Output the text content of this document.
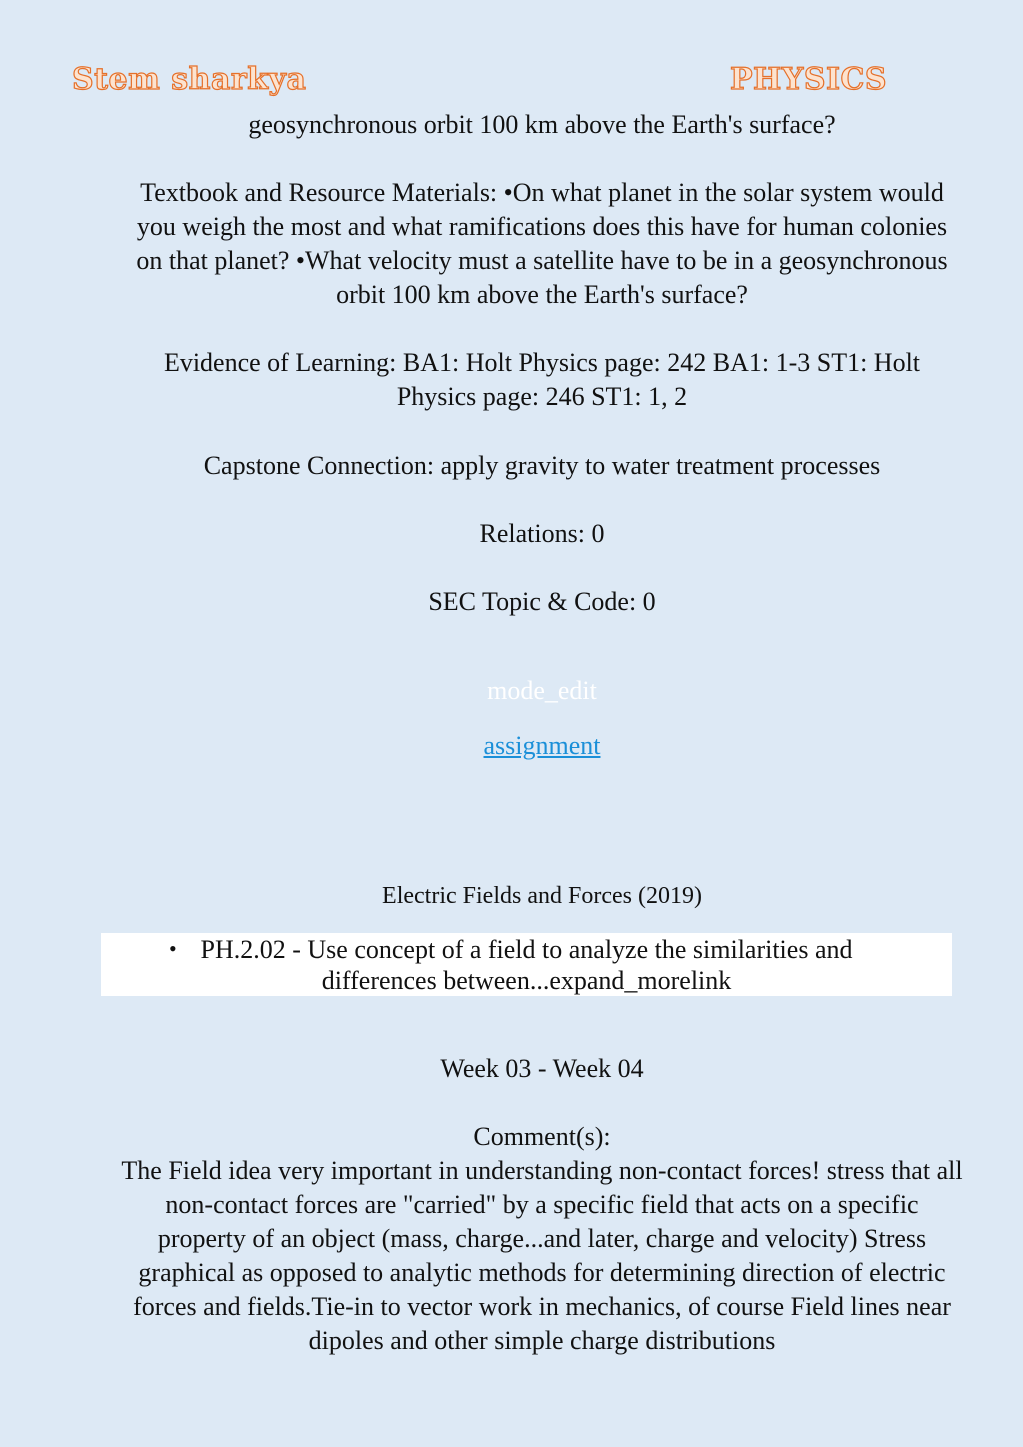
Stem sharkya	PHYSICS
geosynchronous orbit 100 km above the Earth's surface?
Textbook and Resource Materials: •On what planet in the solar system would you weigh the most and what ramifications does this have for human colonies on that planet? •What velocity must a satellite have to be in a geosynchronous orbit 100 km above the Earth's surface?
Evidence of Learning: BA1: Holt Physics page: 242 BA1: 1-3 ST1: Holt Physics page: 246 ST1: 1, 2
Capstone Connection: apply gravity to water treatment processes
Relations: 0
SEC Topic & Code: 0
mode_edit
assignment
Electric Fields and Forces (2019)
• PH.2.02 - Use concept of a field to analyze the similarities and differences between...expand_morelink
Week 03 - Week 04
Comment(s):
The Field idea very important in understanding non-contact forces! stress that all non-contact forces are "carried" by a specific field that acts on a specific property of an object (mass, charge...and later, charge and velocity) Stress graphical as opposed to analytic methods for determining direction of electric forces and fields.Tie-in to vector work in mechanics, of course Field lines near dipoles and other simple charge distributions
